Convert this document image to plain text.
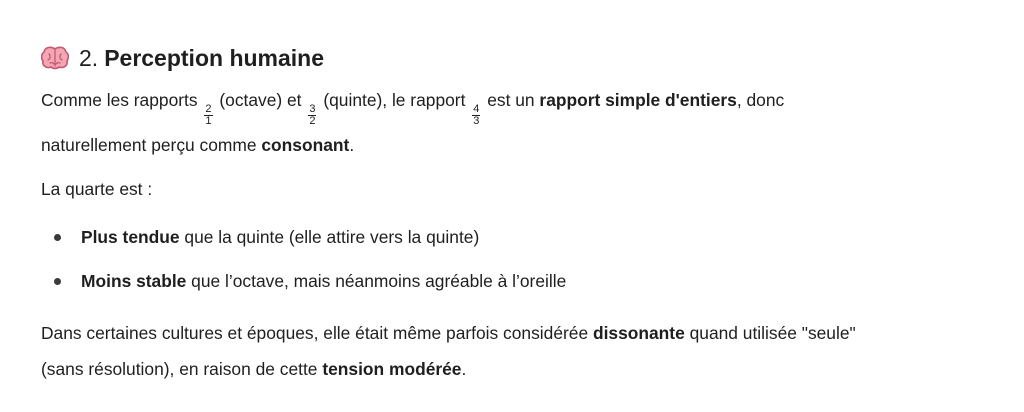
2. Perception humaine

Comme les rapports
$\frac{2}{1}$
(octave) et
$\frac{3}{2}$
(quinte), le rapport
$\frac{4}{3}$
est un rapport simple d'entiers, donc
naturellement perçu comme consonant.

La quarte est :

Plus tendue que la quinte (elle attire vers la quinte)
Moins stable que l’octave, mais néanmoins agréable à l’oreille

Dans certaines cultures et époques, elle était même parfois considérée dissonante quand utilisée "seule"
(sans résolution), en raison de cette tension modérée.
